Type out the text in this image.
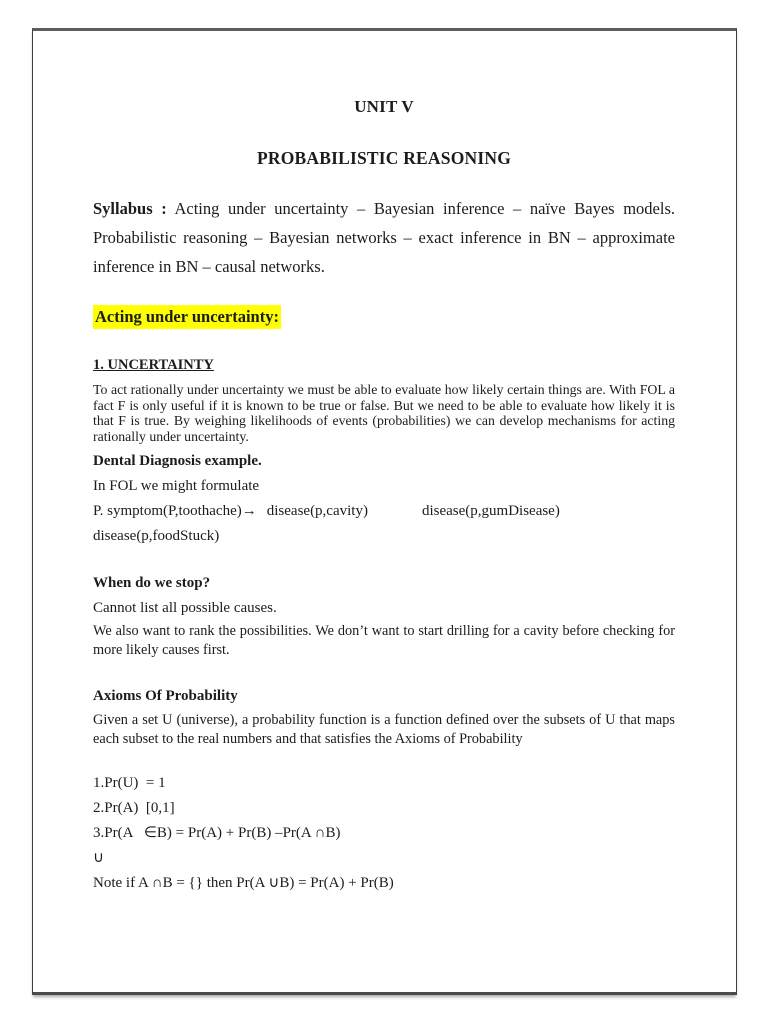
UNIT V
PROBABILISTIC REASONING

Syllabus : Acting under uncertainty – Bayesian inference – naïve Bayes models. Probabilistic reasoning – Bayesian networks – exact inference in BN – approximate inference in BN – causal networks.

Acting under uncertainty:
1. UNCERTAINTY

To act rationally under uncertainty we must be able to evaluate how likely certain things are. With FOL a fact F is only useful if it is known to be true or false. But we need to be able to evaluate how likely it is that F is true. By weighing likelihoods of events (probabilities) we can develop mechanisms for acting rationally under uncertainty.

Dental Diagnosis example.
In FOL we might formulate
P. symptom(P,toothache)→ disease(p,cavity)	disease(p,gumDisease)
disease(p,foodStuck)
When do we stop?
Cannot list all possible causes.

We also want to rank the possibilities. We don’t want to start drilling for a cavity before checking for more likely causes first.

Axioms Of Probability

Given a set U (universe), a probability function is a function defined over the subsets of U that maps each subset to the real numbers and that satisfies the Axioms of Probability

1.Pr(U)  = 1
2.Pr(A)  [0,1]
3.Pr(A   ∈B) = Pr(A) + Pr(B) –Pr(A ∩B)
∪
Note if A ∩B = {} then Pr(A ∪B) = Pr(A) + Pr(B)
